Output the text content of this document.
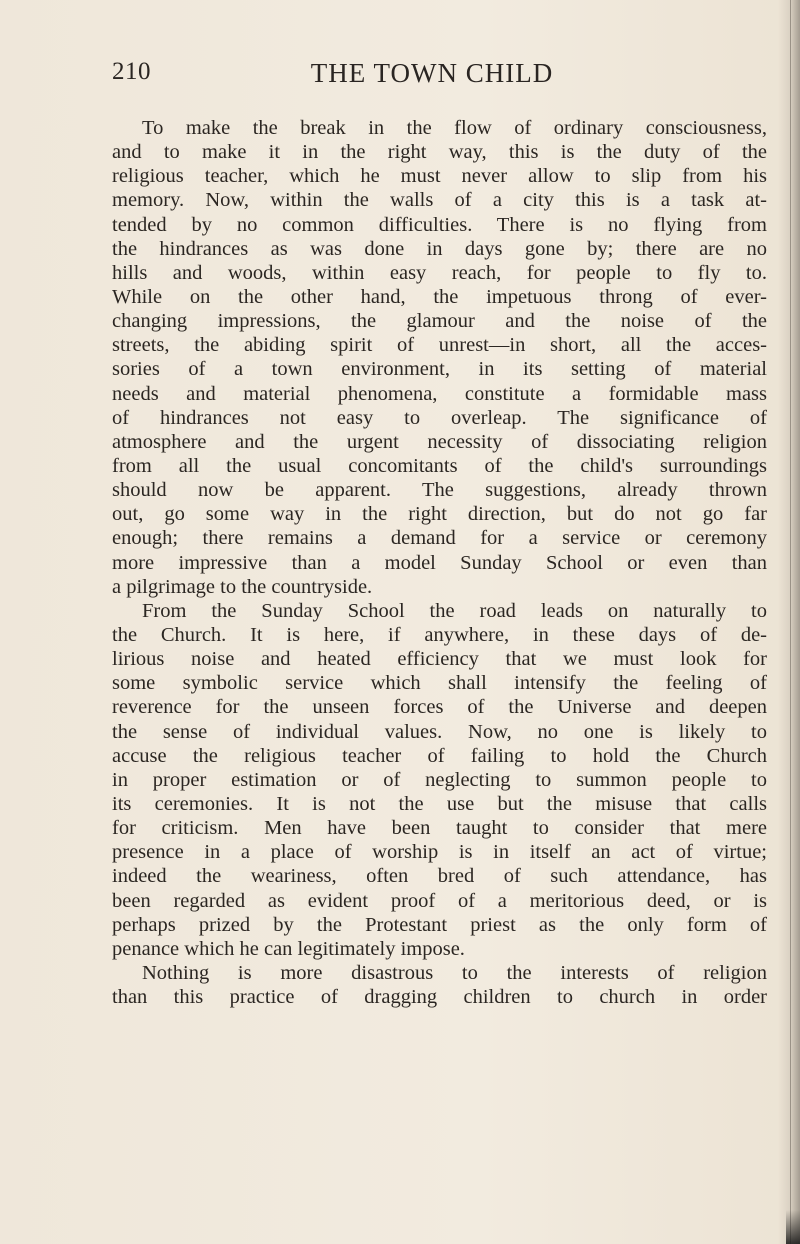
210	THE TOWN CHILD
To make the break in the flow of ordinary consciousness,
and to make it in the right way, this is the duty of the
religious teacher, which he must never allow to slip from his
memory. Now, within the walls of a city this is a task at-
tended by no common difficulties. There is no flying from
the hindrances as was done in days gone by; there are no
hills and woods, within easy reach, for people to fly to.
While on the other hand, the impetuous throng of ever-
changing impressions, the glamour and the noise of the
streets, the abiding spirit of unrest—in short, all the acces-
sories of a town environment, in its setting of material
needs and material phenomena, constitute a formidable mass
of hindrances not easy to overleap. The significance of
atmosphere and the urgent necessity of dissociating religion
from all the usual concomitants of the child's surroundings
should now be apparent. The suggestions, already thrown
out, go some way in the right direction, but do not go far
enough; there remains a demand for a service or ceremony
more impressive than a model Sunday School or even than
a pilgrimage to the countryside.
From the Sunday School the road leads on naturally to
the Church. It is here, if anywhere, in these days of de-
lirious noise and heated efficiency that we must look for
some symbolic service which shall intensify the feeling of
reverence for the unseen forces of the Universe and deepen
the sense of individual values. Now, no one is likely to
accuse the religious teacher of failing to hold the Church
in proper estimation or of neglecting to summon people to
its ceremonies. It is not the use but the misuse that calls
for criticism. Men have been taught to consider that mere
presence in a place of worship is in itself an act of virtue;
indeed the weariness, often bred of such attendance, has
been regarded as evident proof of a meritorious deed, or is
perhaps prized by the Protestant priest as the only form of
penance which he can legitimately impose.
Nothing is more disastrous to the interests of religion
than this practice of dragging children to church in order
